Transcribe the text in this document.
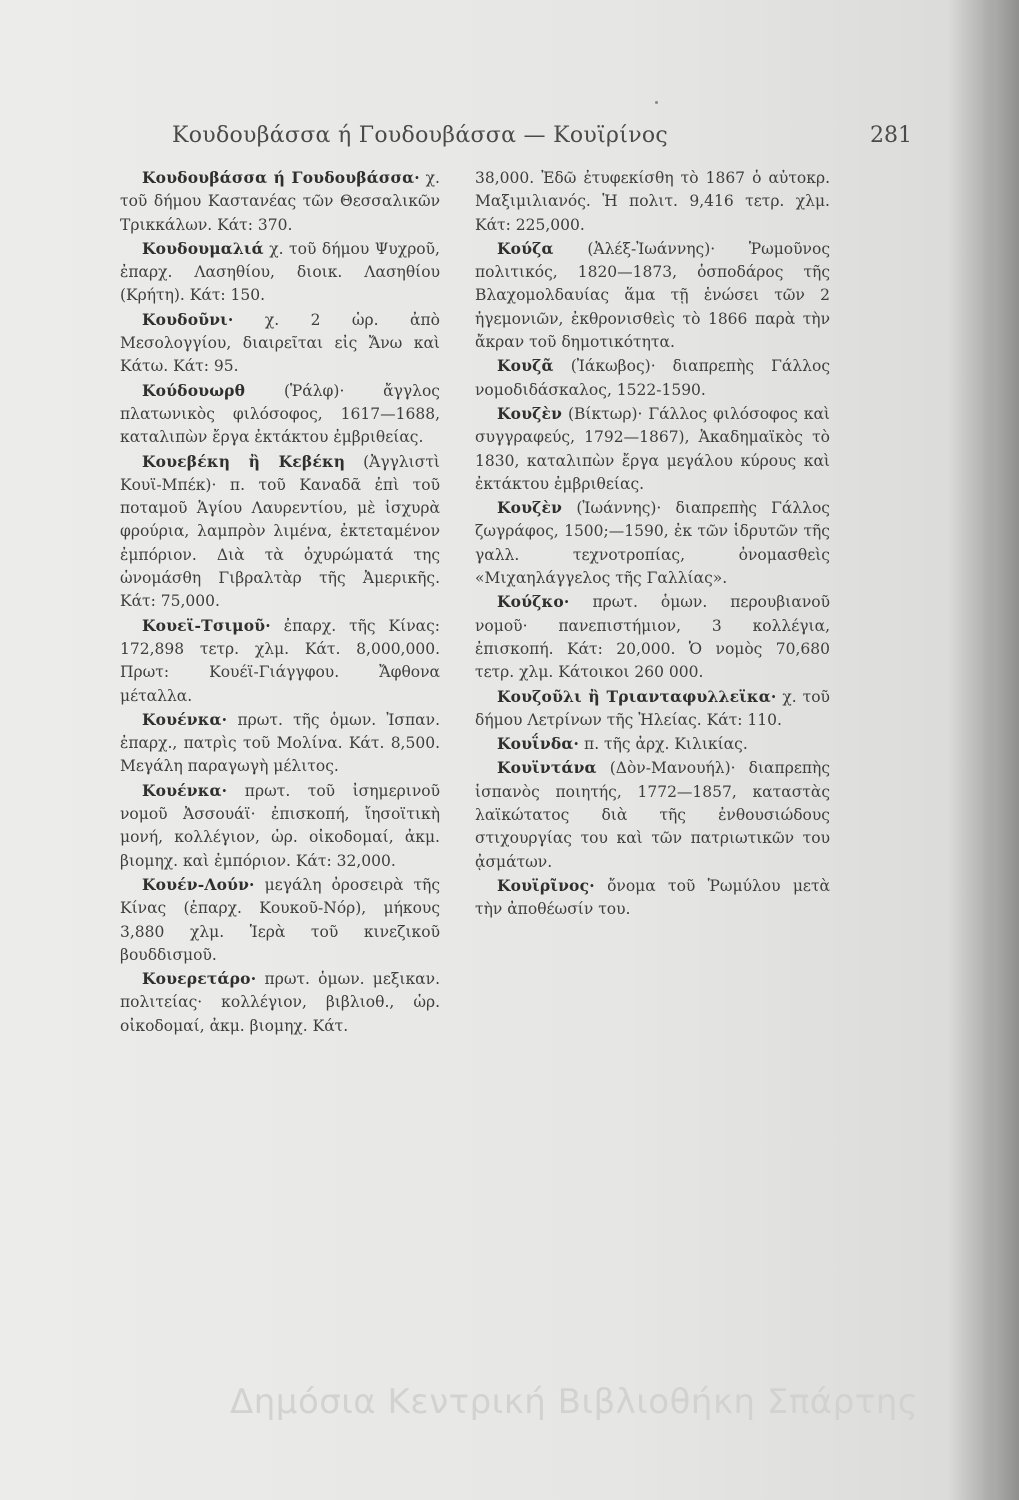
Κουδουβάσσα ή Γουδουβάσσα — Κουϊρίνος	281

Κουδουβάσσα ή Γουδουβάσσα· χ. τοῦ δήμου Καστανέας τῶν Θεσσαλικῶν Τρικκάλων. Κάτ: 370.

Κουδουμαλιά χ. τοῦ δήμου Ψυχροῦ, ἐπαρχ. Λασηθίου, διοικ. Λασηθίου (Κρήτη). Κάτ: 150.

Κουδοῦνι· χ. 2 ὡρ. ἀπὸ Μεσολογγίου, διαιρεῖται εἰς Ἄνω καὶ Κάτω. Κάτ: 95.

Κούδουωρθ (Ῥάλφ)· ἄγγλος πλατωνικὸς φιλόσοφος, 1617—1688, καταλιπὼν ἔργα ἐκτάκτου ἐμβριθείας.

Κουεβέκη ἢ Κεβέκη (Ἀγγλιστὶ Κουϊ-Μπέκ)· π. τοῦ Καναδᾶ ἐπὶ τοῦ ποταμοῦ Ἁγίου Λαυρεντίου, μὲ ἰσχυρὰ φρούρια, λαμπρὸν λιμένα, ἐκτεταμένον ἐμπόριον. Διὰ τὰ ὀχυρώματά της ὠνομάσθη Γιβραλτὰρ τῆς Ἀμερικῆς. Κάτ: 75,000.

Κουεϊ-Τσιμοῦ· ἐπαρχ. τῆς Κίνας: 172,898 τετρ. χλμ. Κάτ. 8,000,000. Πρωτ: Κουέϊ-Γιάγγφου. Ἄφθονα μέταλλα.

Κουένκα· πρωτ. τῆς ὁμων. Ἰσπαν. ἐπαρχ., πατρὶς τοῦ Μολίνα. Κάτ. 8,500. Μεγάλη παραγωγὴ μέλιτος.

Κουένκα· πρωτ. τοῦ ἰσημερινοῦ νομοῦ Ἀσσουάϊ· ἐπισκοπή, ἴησοϊτικὴ μονή, κολλέγιον, ὡρ. οἰκοδομαί, ἀκμ. βιομηχ. καὶ ἐμπόριον. Κάτ: 32,000.

Κουέν-Λούν· μεγάλη ὀροσειρὰ τῆς Κίνας (ἐπαρχ. Κουκοῦ-Νόρ), μήκους 3,880 χλμ. Ἱερὰ τοῦ κινεζικοῦ βουδδισμοῦ.

Κουερετάρο· πρωτ. ὁμων. μεξικαν. πολιτείας· κολλέγιον, βιβλιοθ., ὡρ. οἰκοδομαί, ἀκμ. βιομηχ. Κάτ.

38,000. Ἐδῶ ἐτυφεκίσθη τὸ 1867 ὁ αὐτοκρ. Μαξιμιλιανός. Ἡ πολιτ. 9,416 τετρ. χλμ. Κάτ: 225,000.

Κούζα (Ἀλέξ-Ἰωάννης)· Ῥωμοῦνος πολιτικός, 1820—1873, ὁσποδάρος τῆς Βλαχομολδαυίας ἅμα τῇ ἑνώσει τῶν 2 ἡγεμονιῶν, ἐκθρονισθεὶς τὸ 1866 παρὰ τὴν ἄκραν τοῦ δημοτικότητα.

Κουζᾶ (Ἰάκωβος)· διαπρεπὴς Γάλλος νομοδιδάσκαλος, 1522-1590.

Κουζὲν (Βίκτωρ)· Γάλλος φιλόσοφος καὶ συγγραφεύς, 1792—1867), Ἀκαδημαϊκὸς τὸ 1830, καταλιπὼν ἔργα μεγάλου κύρους καὶ ἐκτάκτου ἐμβριθείας.

Κουζὲν (Ἰωάννης)· διαπρεπὴς Γάλλος ζωγράφος, 1500;—1590, ἐκ τῶν ἱδρυτῶν τῆς γαλλ. τεχνοτροπίας, ὀνομασθεὶς «Μιχαηλάγγελος τῆς Γαλλίας».

Κούζκο· πρωτ. ὁμων. περουβιανοῦ νομοῦ· πανεπιστήμιον, 3 κολλέγια, ἐπισκοπή. Κάτ: 20,000. Ὁ νομὸς 70,680 τετρ. χλμ. Κάτοικοι 260 000.

Κουζοῦλι ἢ Τριανταφυλλεϊκα· χ. τοῦ δήμου Λετρίνων τῆς Ἠλείας. Κάτ: 110.

Κουΐνδα· π. τῆς ἀρχ. Κιλικίας.

Κουϊντάνα (Δὸν-Μανουήλ)· διαπρεπὴς ἱσπανὸς ποιητής, 1772—1857, καταστὰς λαϊκώτατος διὰ τῆς ἐνθουσιώδους στιχουργίας του καὶ τῶν πατριωτικῶν του ᾀσμάτων.

Κουϊρῖνος· ὄνομα τοῦ Ῥωμύλου μετὰ τὴν ἀποθέωσίν του.

Δημόσια Κεντρική Βιβλιοθήκη Σπάρτης
